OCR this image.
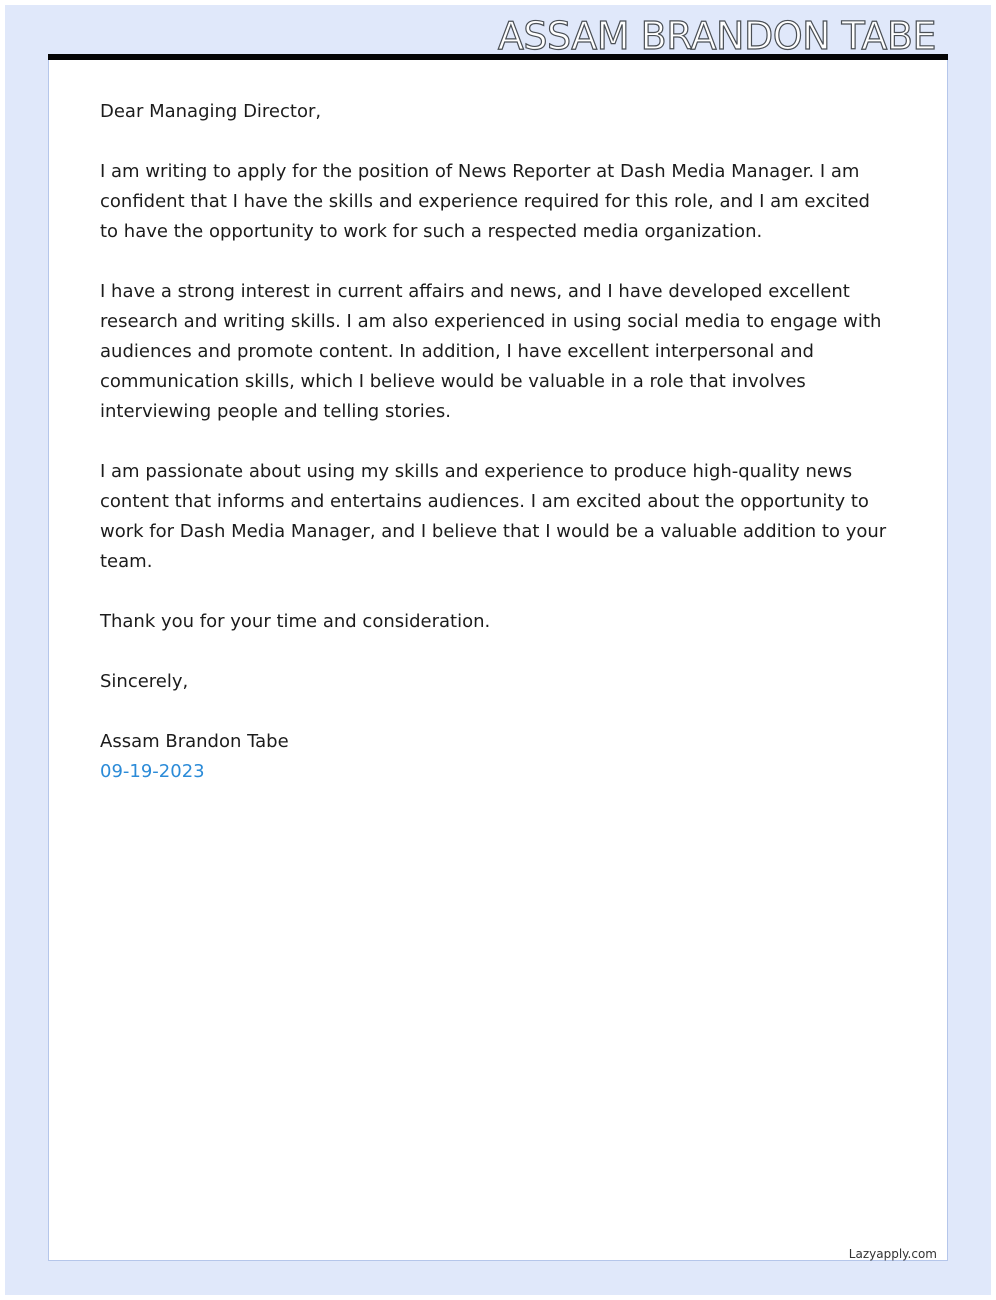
ASSAM BRANDON TABE

Dear Managing Director,

I am writing to apply for the position of News Reporter at Dash Media Manager. I am confident that I have the skills and experience required for this role, and I am excited to have the opportunity to work for such a respected media organization.

I have a strong interest in current affairs and news, and I have developed excellent research and writing skills. I am also experienced in using social media to engage with audiences and promote content. In addition, I have excellent interpersonal and communication skills, which I believe would be valuable in a role that involves interviewing people and telling stories.

I am passionate about using my skills and experience to produce high-quality news content that informs and entertains audiences. I am excited about the opportunity to work for Dash Media Manager, and I believe that I would be a valuable addition to your team.

Thank you for your time and consideration.

Sincerely,

Assam Brandon Tabe

09-19-2023

Lazyapply.com
